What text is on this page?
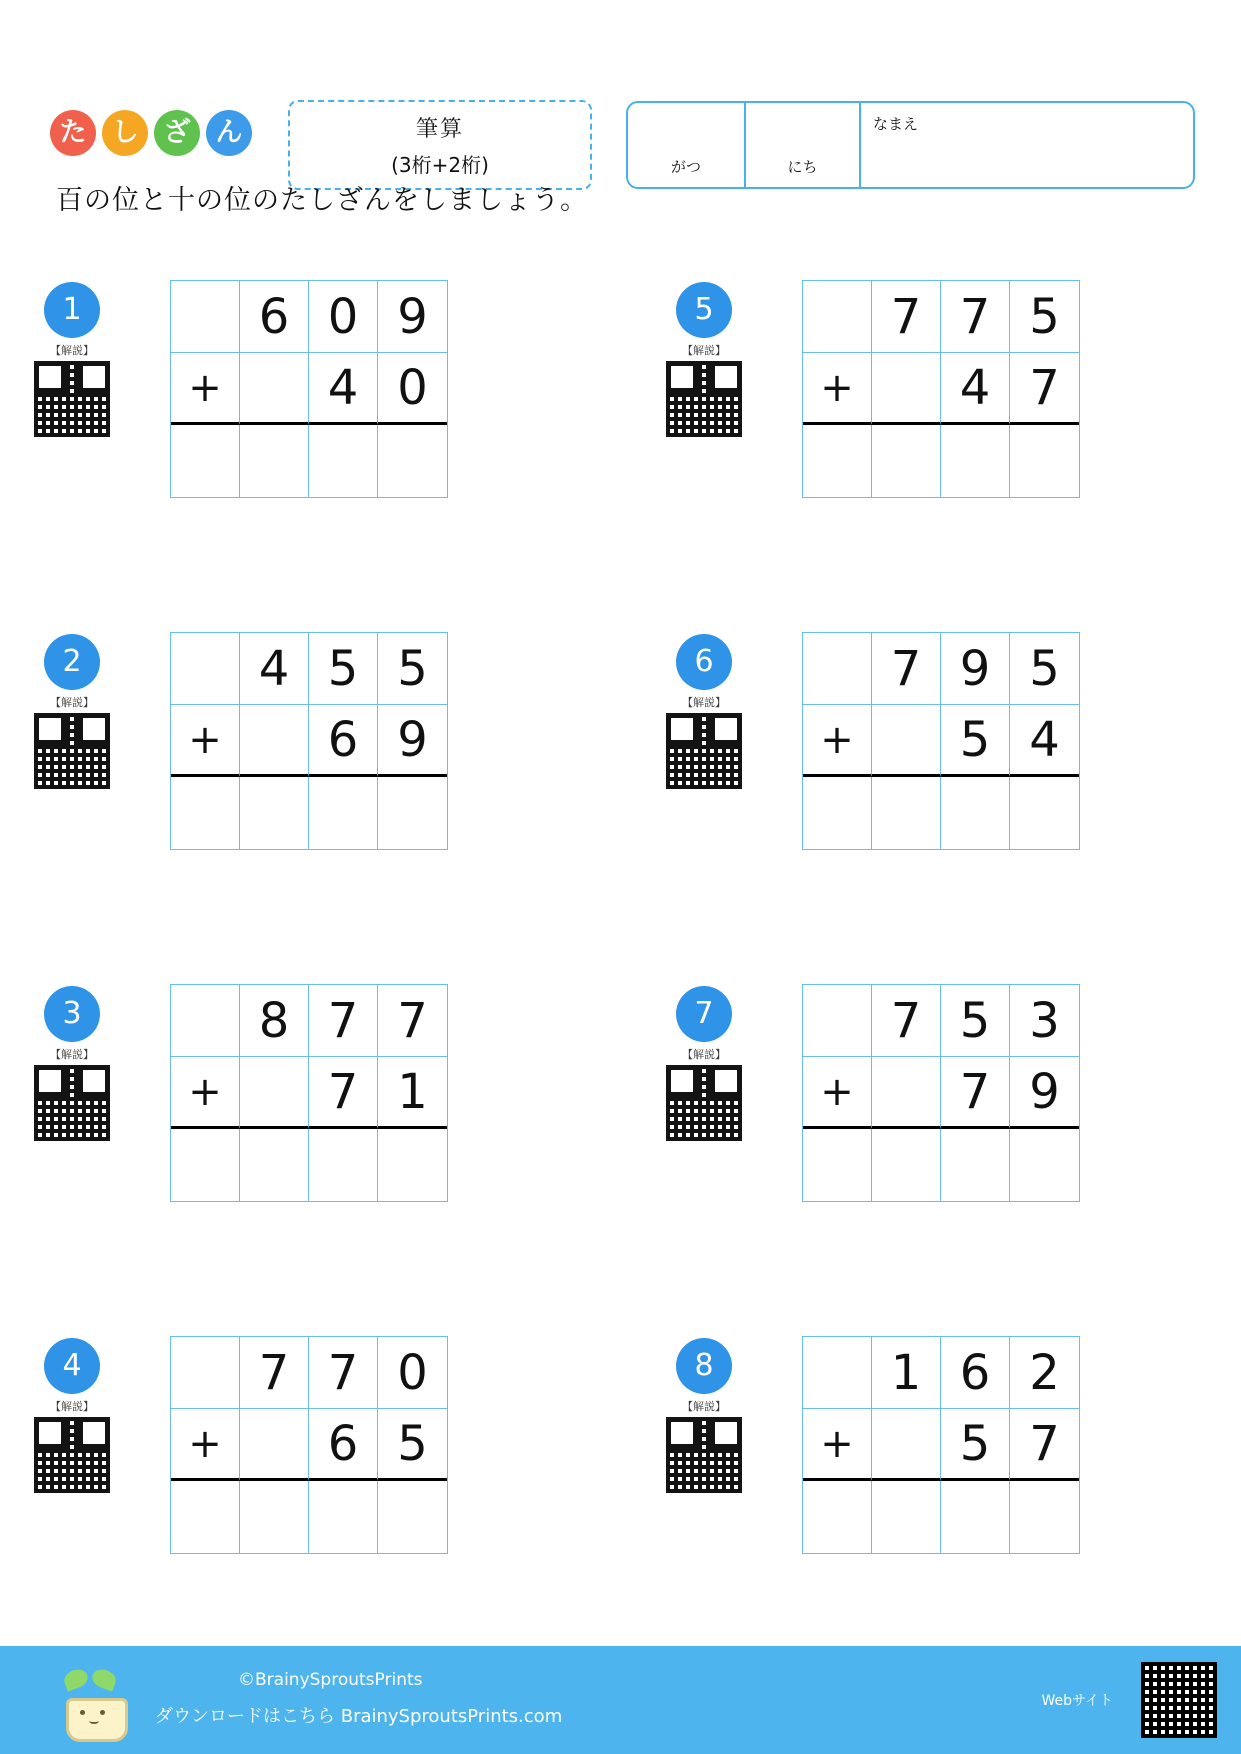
た し ざ ん	筆算
(3桁+2桁)	がつ	にち
なまえ
百の位と十の位のたしざんをしましょう。
1
【解説】
6 0 9
+	4 0
2
【解説】
4 5 5
+	6 9
3
【解説】
8 7 7
+	7 1
4
【解説】
7 7 0
+	6 5
5
【解説】
7 7 5
+	4 7
6
【解説】
7 9 5
+	5 4
7
【解説】
7 5 3
+	7 9
8
【解説】
1 6 2
+	5 7
©BrainySproutsPrints
ダウンロードはこちら BrainySproutsPrints.com
Webサイト
